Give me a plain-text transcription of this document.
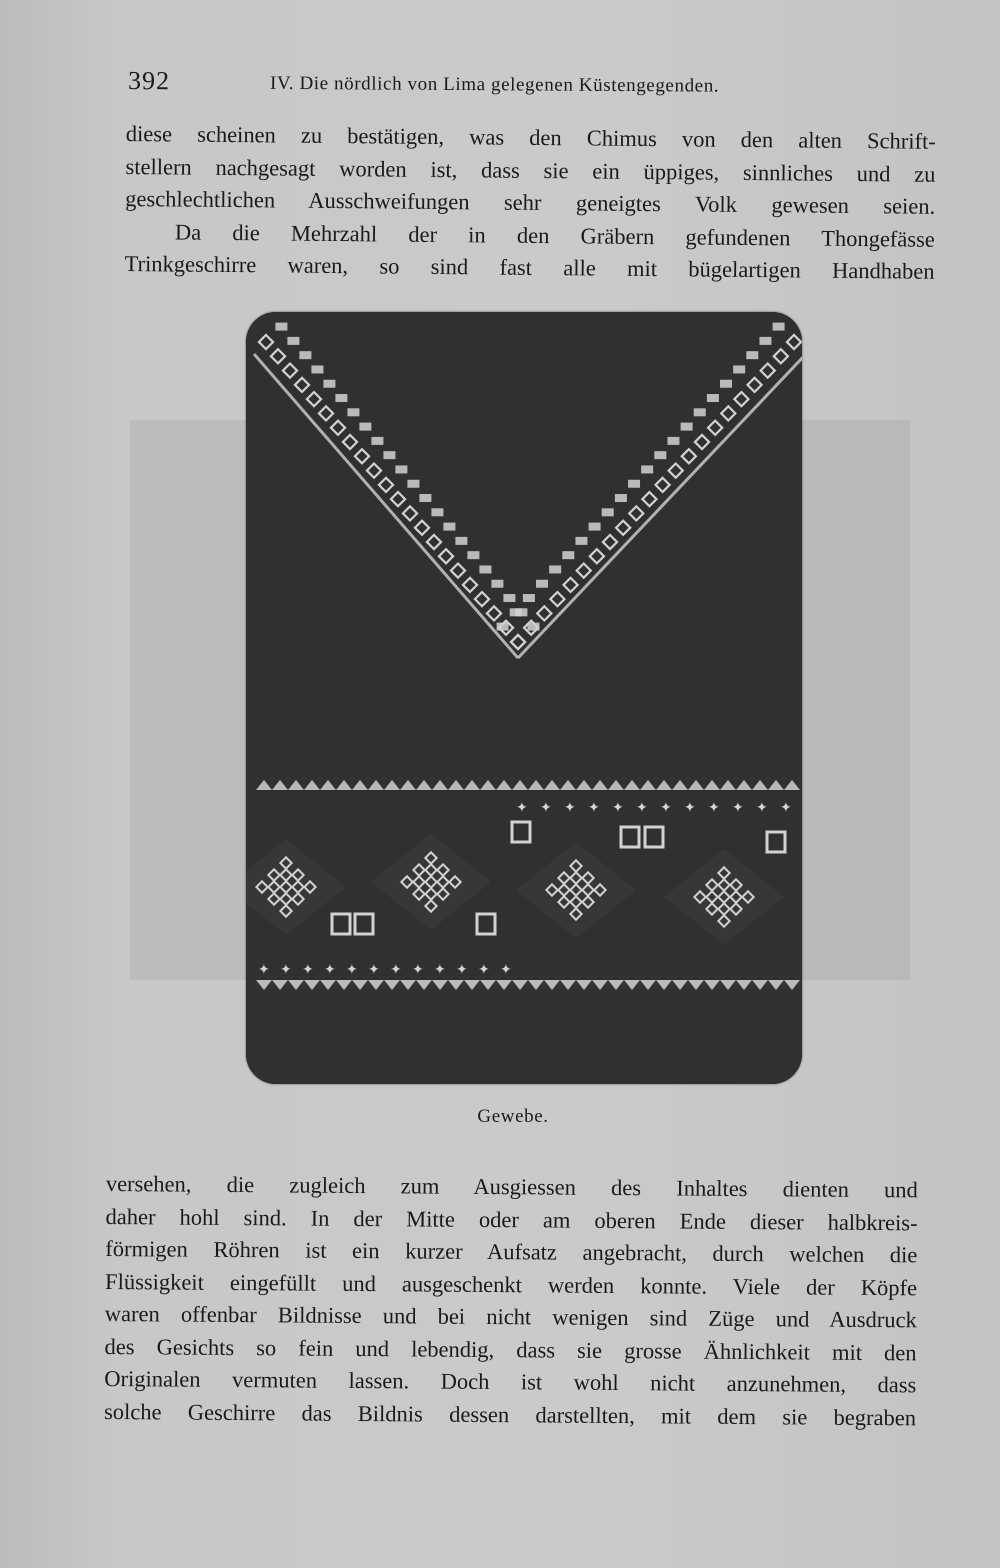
392	IV. Die nördlich von Lima gelegenen Küstengegenden.
diese scheinen zu bestätigen, was den Chimus von den alten Schrift-
stellern nachgesagt worden ist, dass sie ein üppiges, sinnliches und zu
geschlechtlichen Ausschweifungen sehr geneigtes Volk gewesen seien.
Da die Mehrzahl der in den Gräbern gefundenen Thongefässe
Trinkgeschirre waren, so sind fast alle mit bügelartigen Handhaben
✦ ✦ ✦ ✦ ✦ ✦ ✦ ✦ ✦ ✦ ✦ ✦
✦ ✦ ✦ ✦ ✦ ✦ ✦ ✦ ✦ ✦ ✦ ✦
Gewebe.
versehen, die zugleich zum Ausgiessen des Inhaltes dienten und
daher hohl sind. In der Mitte oder am oberen Ende dieser halbkreis-
förmigen Röhren ist ein kurzer Aufsatz angebracht, durch welchen die
Flüssigkeit eingefüllt und ausgeschenkt werden konnte. Viele der Köpfe
waren offenbar Bildnisse und bei nicht wenigen sind Züge und Ausdruck
des Gesichts so fein und lebendig, dass sie grosse Ähnlichkeit mit den
Originalen vermuten lassen. Doch ist wohl nicht anzunehmen, dass
solche Geschirre das Bildnis dessen darstellten, mit dem sie begraben
